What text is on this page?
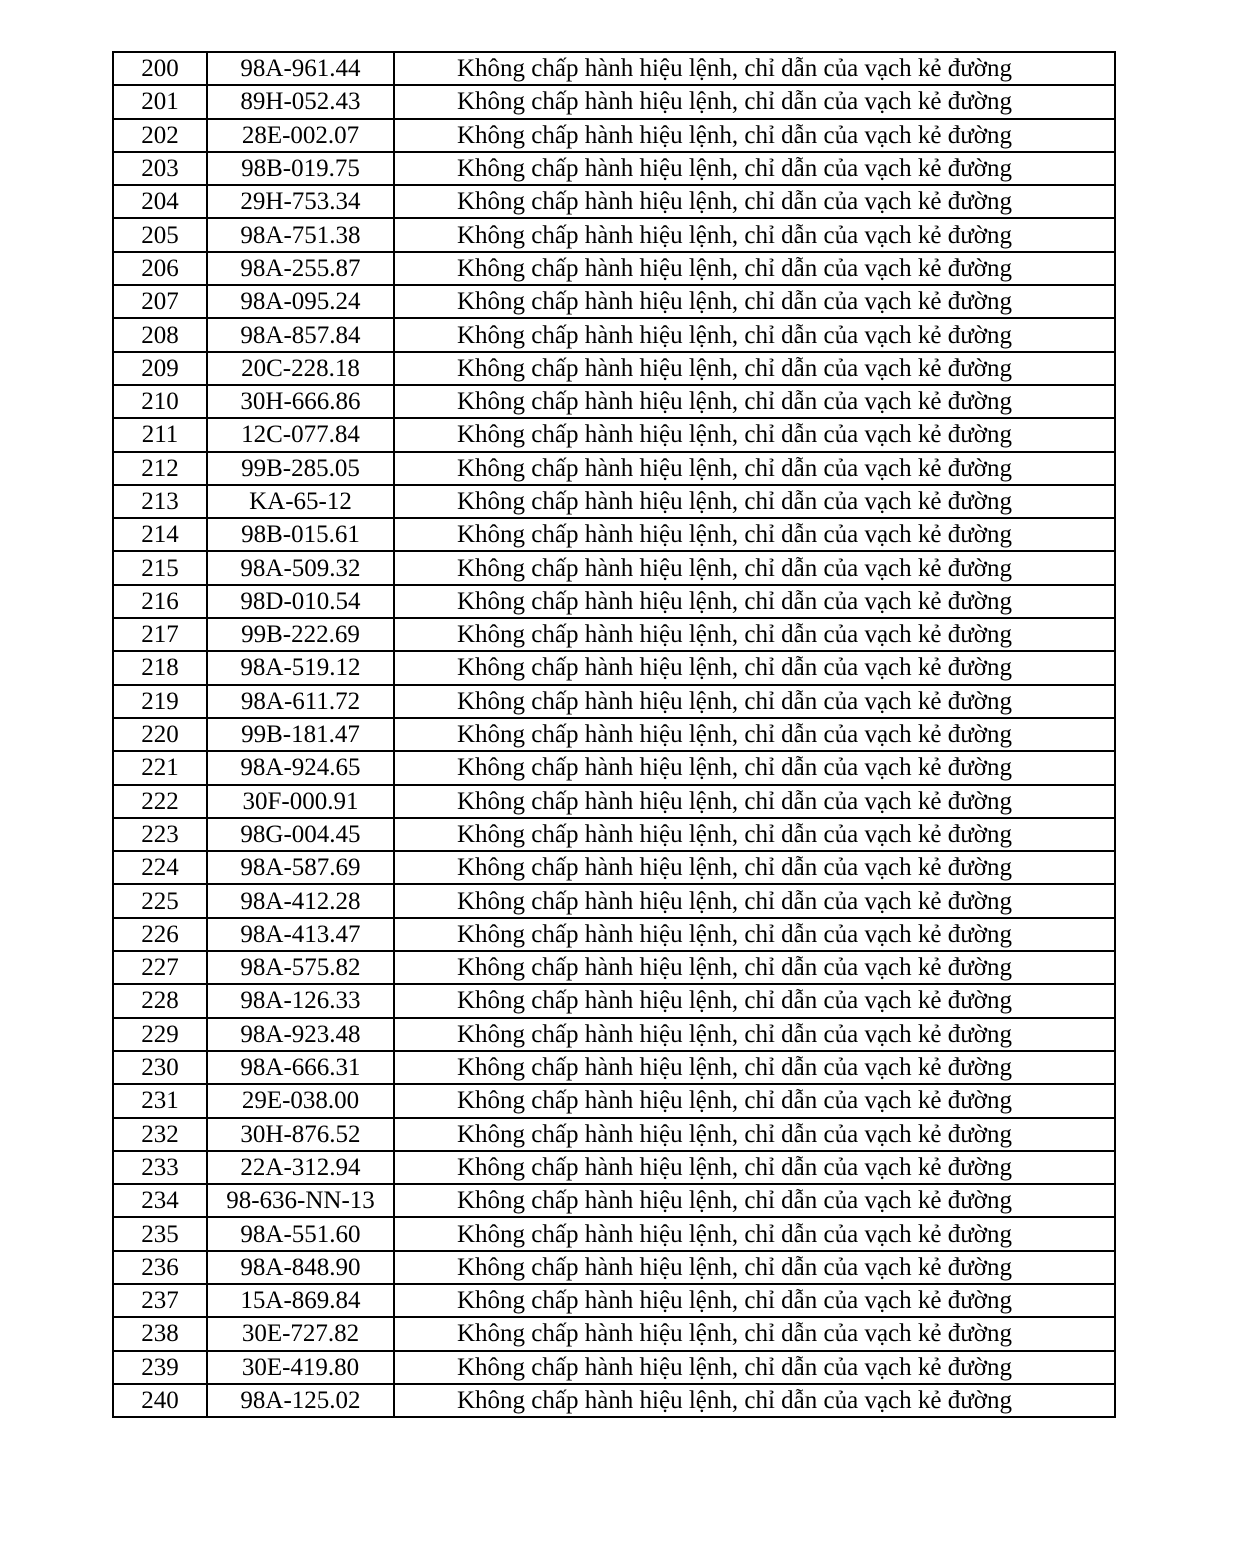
200	98A-961.44	Không chấp hành hiệu lệnh, chỉ dẫn của vạch kẻ đường
201	89H-052.43	Không chấp hành hiệu lệnh, chỉ dẫn của vạch kẻ đường
202	28E-002.07	Không chấp hành hiệu lệnh, chỉ dẫn của vạch kẻ đường
203	98B-019.75	Không chấp hành hiệu lệnh, chỉ dẫn của vạch kẻ đường
204	29H-753.34	Không chấp hành hiệu lệnh, chỉ dẫn của vạch kẻ đường
205	98A-751.38	Không chấp hành hiệu lệnh, chỉ dẫn của vạch kẻ đường
206	98A-255.87	Không chấp hành hiệu lệnh, chỉ dẫn của vạch kẻ đường
207	98A-095.24	Không chấp hành hiệu lệnh, chỉ dẫn của vạch kẻ đường
208	98A-857.84	Không chấp hành hiệu lệnh, chỉ dẫn của vạch kẻ đường
209	20C-228.18	Không chấp hành hiệu lệnh, chỉ dẫn của vạch kẻ đường
210	30H-666.86	Không chấp hành hiệu lệnh, chỉ dẫn của vạch kẻ đường
211	12C-077.84	Không chấp hành hiệu lệnh, chỉ dẫn của vạch kẻ đường
212	99B-285.05	Không chấp hành hiệu lệnh, chỉ dẫn của vạch kẻ đường
213	KA-65-12	Không chấp hành hiệu lệnh, chỉ dẫn của vạch kẻ đường
214	98B-015.61	Không chấp hành hiệu lệnh, chỉ dẫn của vạch kẻ đường
215	98A-509.32	Không chấp hành hiệu lệnh, chỉ dẫn của vạch kẻ đường
216	98D-010.54	Không chấp hành hiệu lệnh, chỉ dẫn của vạch kẻ đường
217	99B-222.69	Không chấp hành hiệu lệnh, chỉ dẫn của vạch kẻ đường
218	98A-519.12	Không chấp hành hiệu lệnh, chỉ dẫn của vạch kẻ đường
219	98A-611.72	Không chấp hành hiệu lệnh, chỉ dẫn của vạch kẻ đường
220	99B-181.47	Không chấp hành hiệu lệnh, chỉ dẫn của vạch kẻ đường
221	98A-924.65	Không chấp hành hiệu lệnh, chỉ dẫn của vạch kẻ đường
222	30F-000.91	Không chấp hành hiệu lệnh, chỉ dẫn của vạch kẻ đường
223	98G-004.45	Không chấp hành hiệu lệnh, chỉ dẫn của vạch kẻ đường
224	98A-587.69	Không chấp hành hiệu lệnh, chỉ dẫn của vạch kẻ đường
225	98A-412.28	Không chấp hành hiệu lệnh, chỉ dẫn của vạch kẻ đường
226	98A-413.47	Không chấp hành hiệu lệnh, chỉ dẫn của vạch kẻ đường
227	98A-575.82	Không chấp hành hiệu lệnh, chỉ dẫn của vạch kẻ đường
228	98A-126.33	Không chấp hành hiệu lệnh, chỉ dẫn của vạch kẻ đường
229	98A-923.48	Không chấp hành hiệu lệnh, chỉ dẫn của vạch kẻ đường
230	98A-666.31	Không chấp hành hiệu lệnh, chỉ dẫn của vạch kẻ đường
231	29E-038.00	Không chấp hành hiệu lệnh, chỉ dẫn của vạch kẻ đường
232	30H-876.52	Không chấp hành hiệu lệnh, chỉ dẫn của vạch kẻ đường
233	22A-312.94	Không chấp hành hiệu lệnh, chỉ dẫn của vạch kẻ đường
234	98-636-NN-13	Không chấp hành hiệu lệnh, chỉ dẫn của vạch kẻ đường
235	98A-551.60	Không chấp hành hiệu lệnh, chỉ dẫn của vạch kẻ đường
236	98A-848.90	Không chấp hành hiệu lệnh, chỉ dẫn của vạch kẻ đường
237	15A-869.84	Không chấp hành hiệu lệnh, chỉ dẫn của vạch kẻ đường
238	30E-727.82	Không chấp hành hiệu lệnh, chỉ dẫn của vạch kẻ đường
239	30E-419.80	Không chấp hành hiệu lệnh, chỉ dẫn của vạch kẻ đường
240	98A-125.02	Không chấp hành hiệu lệnh, chỉ dẫn của vạch kẻ đường
